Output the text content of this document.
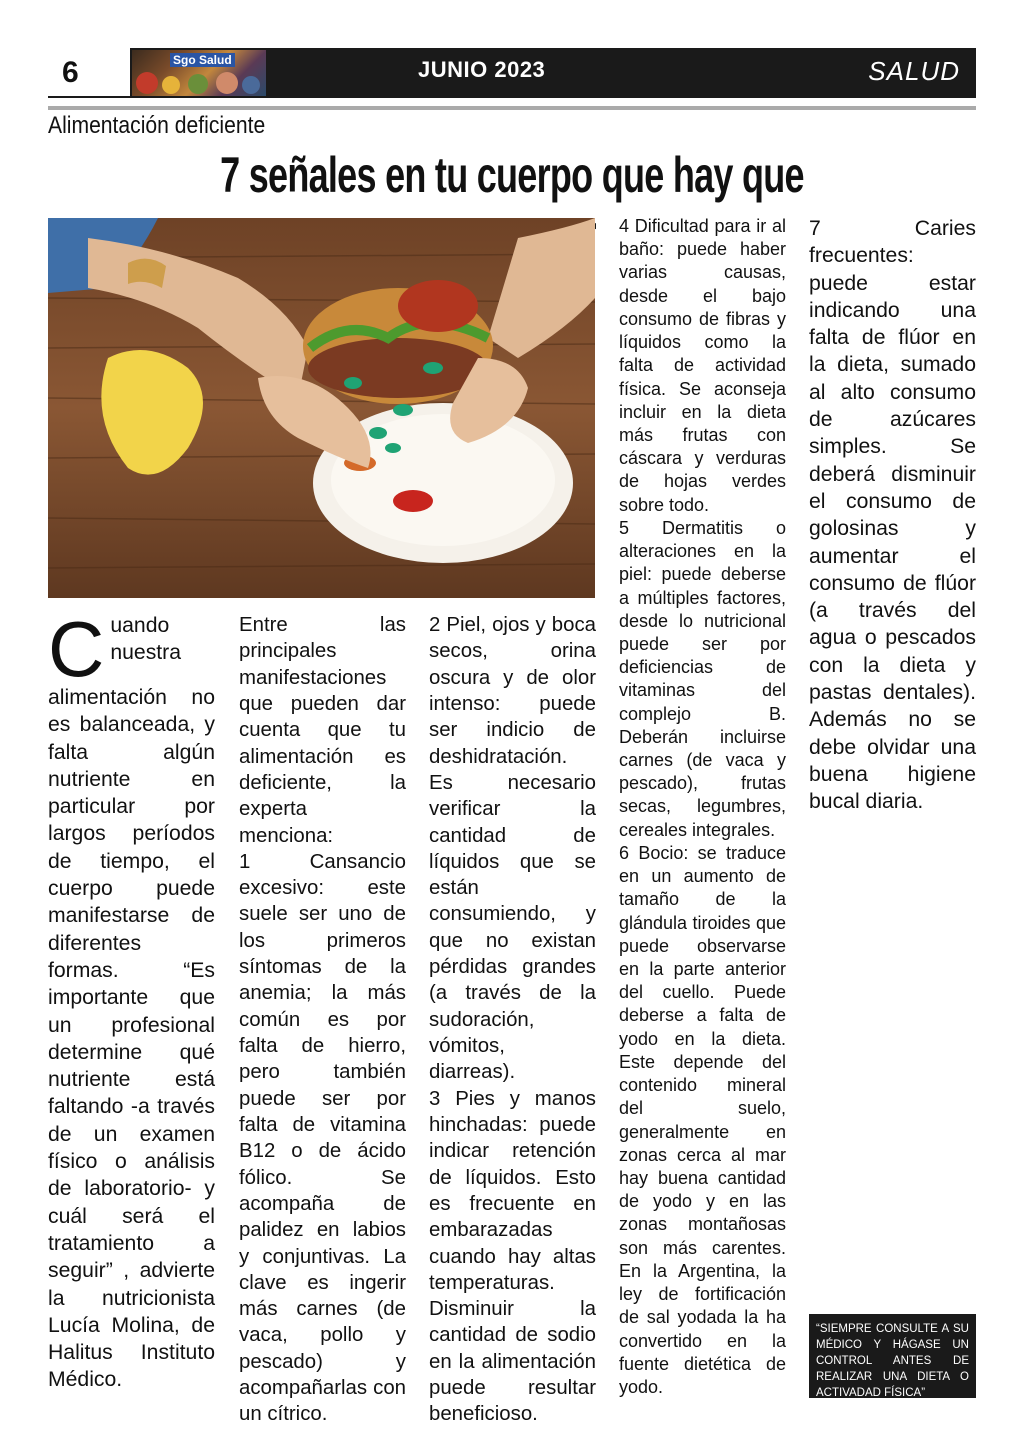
6	Sgo Salud	JUNIO 2023	SALUD
Alimentación deficiente
7 señales en tu cuerpo que hay que
C uando nuestra alimentación no es balanceada, y falta algún nutriente en particular por largos períodos de tiempo, el cuerpo puede manifestarse de diferentes formas. “Es importante que un profesional determine qué nutriente está faltando -a través de un examen físico o análisis de laboratorio- y cuál será el tratamiento a seguir” , advierte la nutricionista Lucía Molina, de Halitus Instituto Médico.

Entre las principales manifestaciones que pueden dar cuenta que tu alimentación es deficiente, la experta menciona:

1 Cansancio excesivo: este suele ser uno de los primeros síntomas de la anemia; la más común es por falta de hierro, pero también puede ser por falta de vitamina B12 o de ácido fólico. Se acompaña de palidez en labios y conjuntivas. La clave es ingerir más carnes (de vaca, pollo y pescado) y acompañarlas con un cítrico.

4 Dificultad para ir al baño: puede haber varias causas, desde el bajo consumo de fibras y líquidos como la falta de actividad física. Se aconseja incluir en la dieta más frutas con cáscara y verduras de hojas verdes sobre todo.

5 Dermatitis o alteraciones en la piel: puede deberse a múltiples factores, desde lo nutricional puede ser por deficiencias de vitaminas del complejo B. Deberán incluirse carnes (de vaca y pescado), frutas secas, legumbres, cereales integrales.

6 Bocio: se traduce en un aumento de tamaño de la glándula tiroides que puede observarse en la parte anterior del cuello. Puede deberse a falta de yodo en la dieta. Este depende del contenido mineral del suelo, generalmente en zonas cerca al mar hay buena cantidad de yodo y en las zonas montañosas son más carentes. En la Argentina, la ley de fortificación de sal yodada la ha convertido en la fuente dietética de yodo.

7 Caries frecuentes: puede estar indicando una falta de flúor en la dieta, sumado al alto consumo de azúcares simples. Se deberá disminuir el consumo de golosinas y aumentar el consumo de flúor (a través del agua o pescados con la dieta y pastas dentales). Además no se debe olvidar una buena higiene bucal diaria.

2 Piel, ojos y boca secos, orina oscura y de olor intenso: puede ser indicio de deshidratación. Es necesario verificar la cantidad de líquidos que se están consumiendo, y que no existan pérdidas grandes (a través de la sudoración, vómitos, diarreas).

3 Pies y manos hinchadas: puede indicar retención de líquidos. Esto es frecuente en embarazadas cuando hay altas temperaturas. Disminuir la cantidad de sodio en la alimentación puede resultar beneficioso.

“SIEMPRE CONSULTE A SU MÉDICO Y HÁGASE UN CONTROL ANTES DE REALIZAR UNA DIETA O ACTIVADAD FÍSICA”
